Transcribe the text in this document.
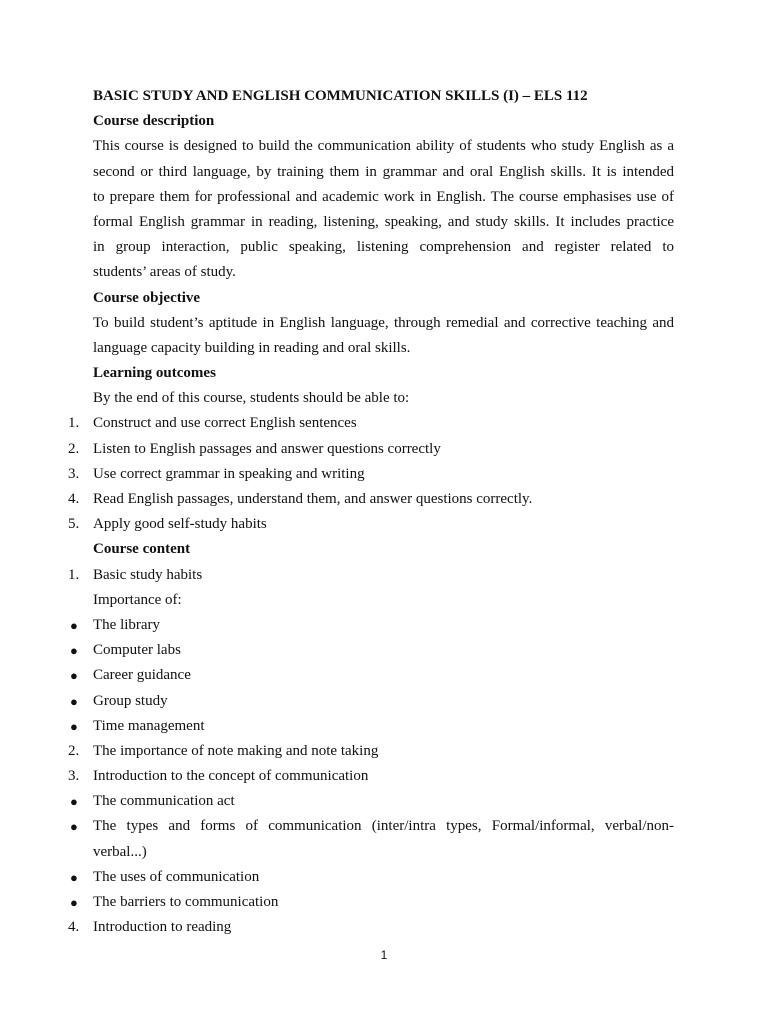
BASIC STUDY AND ENGLISH COMMUNICATION SKILLS (I) – ELS 112
Course description
This course is designed to build the communication ability of students who study English as a
second or third language, by training them in grammar and oral English skills. It is intended
to prepare them for professional and academic work in English. The course emphasises use of
formal English grammar in reading, listening, speaking, and study skills. It includes practice
in group interaction, public speaking, listening comprehension and register related to
students’ areas of study.
Course objective
To build student’s aptitude in English language, through remedial and corrective teaching and
language capacity building in reading and oral skills.
Learning outcomes
By the end of this course, students should be able to:
1. Construct and use correct English sentences
2. Listen to English passages and answer questions correctly
3. Use correct grammar in speaking and writing
4. Read English passages, understand them, and answer questions correctly.
5. Apply good self-study habits
Course content
1. Basic study habits
Importance of:
● The library
● Computer labs
● Career guidance
● Group study
● Time management
2. The importance of note making and note taking
3. Introduction to the concept of communication
● The communication act
● The types and forms of communication (inter/intra types, Formal/informal, verbal/non-
verbal...)
● The uses of communication
● The barriers to communication
4. Introduction to reading
1
